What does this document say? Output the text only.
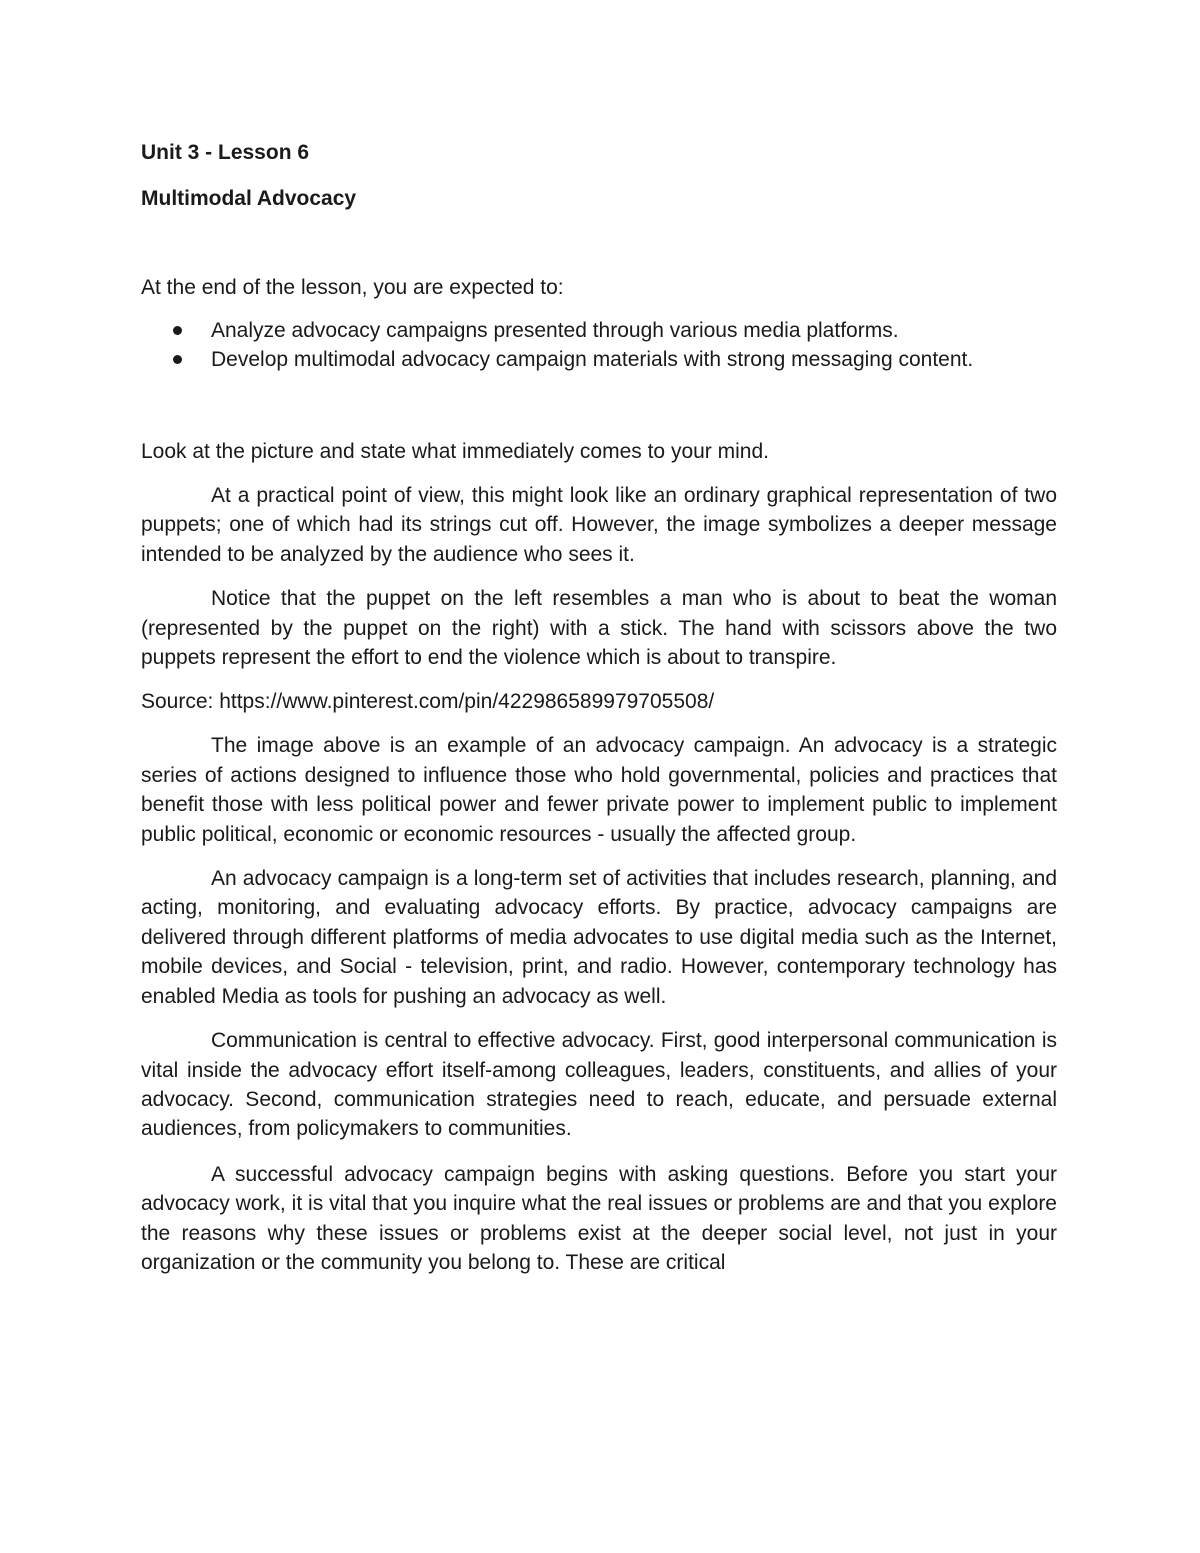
Unit 3 - Lesson 6

Multimodal Advocacy

At the end of the lesson, you are expected to:

Analyze advocacy campaigns presented through various media platforms.
Develop multimodal advocacy campaign materials with strong messaging content.

Look at the picture and state what immediately comes to your mind.

At a practical point of view, this might look like an ordinary graphical representation of two puppets; one of which had its strings cut off. However, the image symbolizes a deeper message intended to be analyzed by the audience who sees it.

Notice that the puppet on the left resembles a man who is about to beat the woman (represented by the puppet on the right) with a stick. The hand with scissors above the two puppets represent the effort to end the violence which is about to transpire.

Source: https://www.pinterest.com/pin/422986589979705508/

The image above is an example of an advocacy campaign. An advocacy is a strategic series of actions designed to influence those who hold governmental, policies and practices that benefit those with less political power and fewer private power to implement public to implement public political, economic or economic resources - usually the affected group.

An advocacy campaign is a long-term set of activities that includes research, planning, and acting, monitoring, and evaluating advocacy efforts. By practice, advocacy campaigns are delivered through different platforms of media advocates to use digital media such as the Internet, mobile devices, and Social - television, print, and radio. However, contemporary technology has enabled Media as tools for pushing an advocacy as well.

Communication is central to effective advocacy. First, good interpersonal communication is vital inside the advocacy effort itself-among colleagues, leaders, constituents, and allies of your advocacy. Second, communication strategies need to reach, educate, and persuade external audiences, from policymakers to communities.

A successful advocacy campaign begins with asking questions. Before you start your advocacy work, it is vital that you inquire what the real issues or problems are and that you explore the reasons why these issues or problems exist at the deeper social level, not just in your organization or the community you belong to. These are critical
